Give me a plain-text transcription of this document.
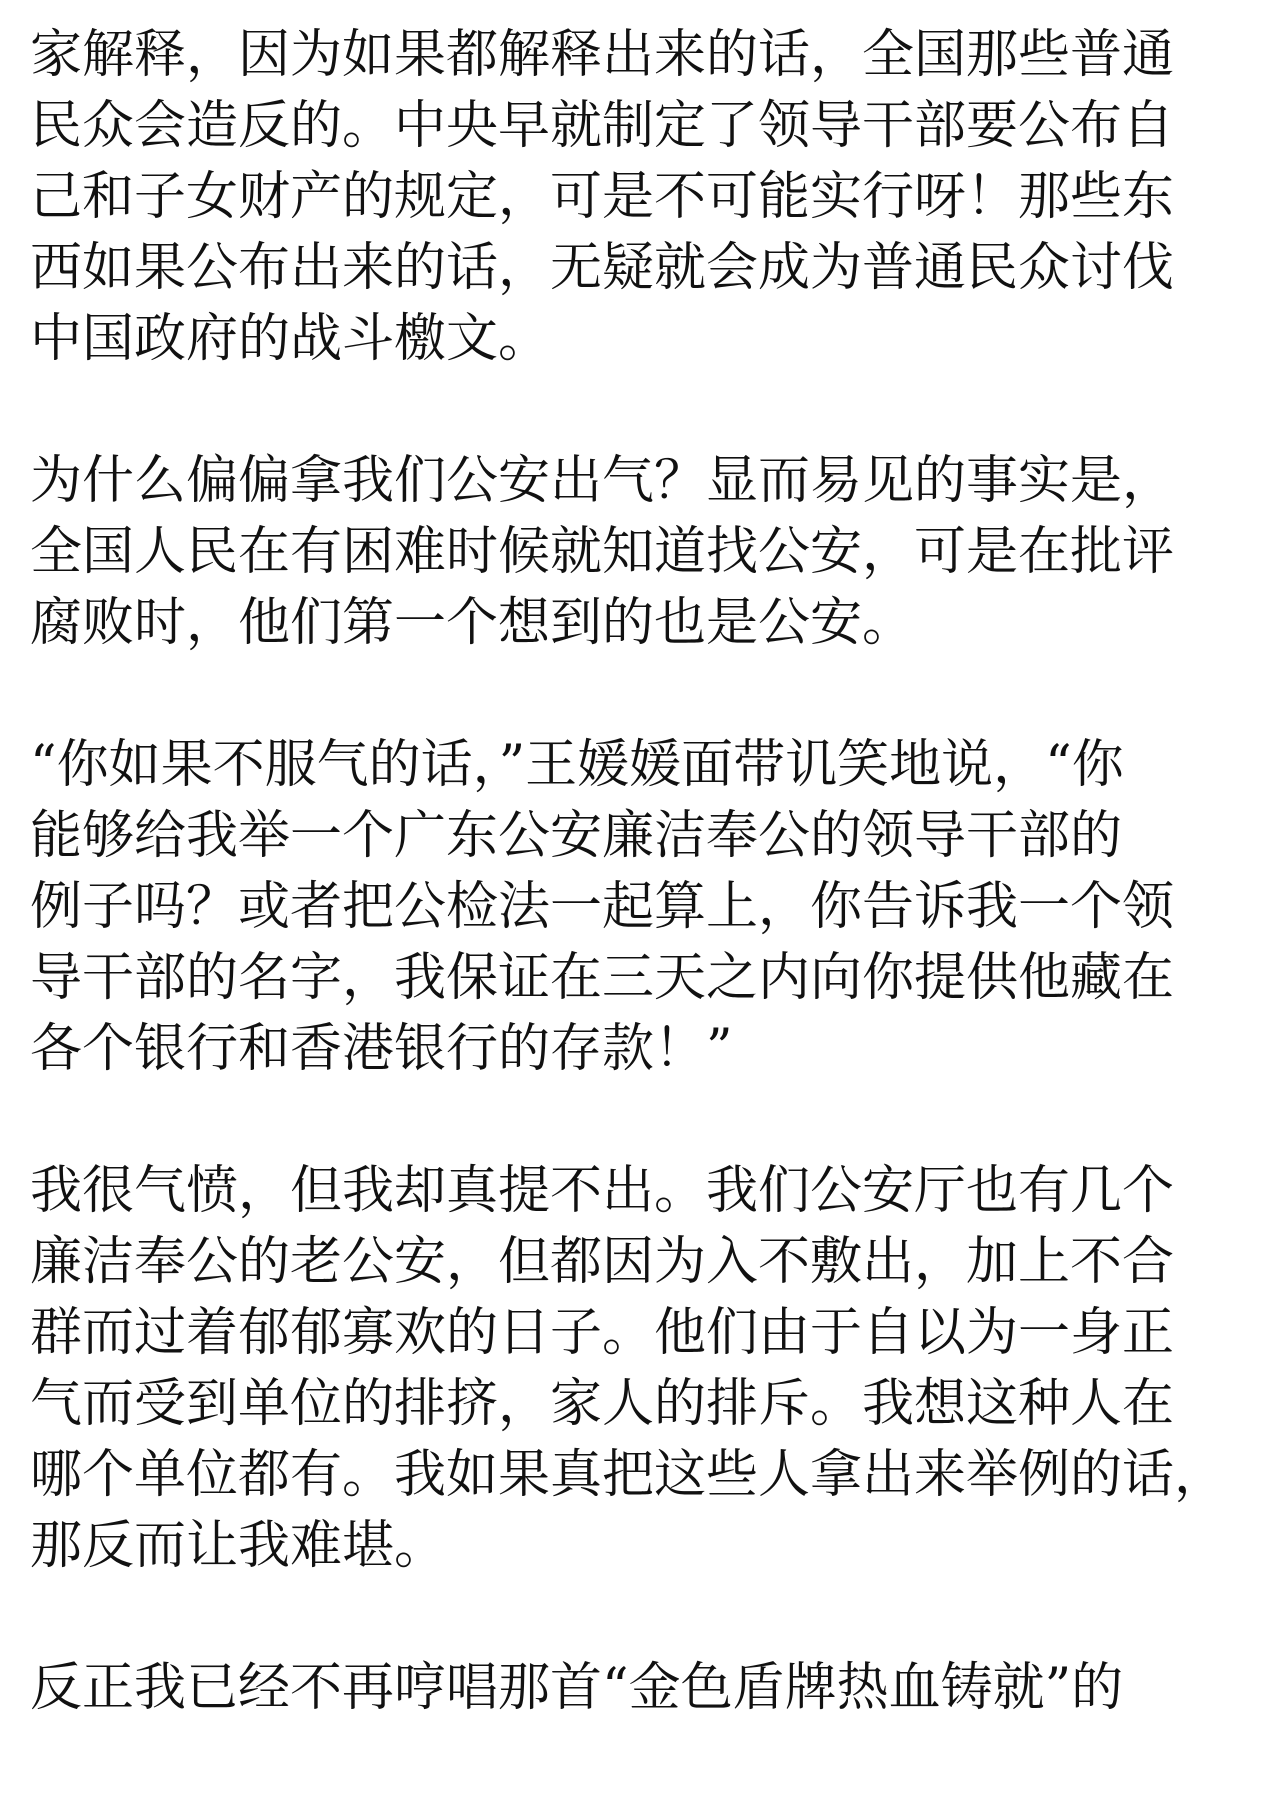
家解释，因为如果都解释出来的话，全国那些普通
民众会造反的。中央早就制定了领导干部要公布自
己和子女财产的规定，可是不可能实行呀！那些东
西如果公布出来的话，无疑就会成为普通民众讨伐
中国政府的战斗檄文。
为什么偏偏拿我们公安出气？显而易见的事实是，
全国人民在有困难时候就知道找公安，可是在批评
腐败时，他们第一个想到的也是公安。
“你如果不服气的话，”王媛媛面带讥笑地说，“你
能够给我举一个广东公安廉洁奉公的领导干部的
例子吗？或者把公检法一起算上，你告诉我一个领
导干部的名字，我保证在三天之内向你提供他藏在
各个银行和香港银行的存款！”
我很气愤，但我却真提不出。我们公安厅也有几个
廉洁奉公的老公安，但都因为入不敷出，加上不合
群而过着郁郁寡欢的日子。他们由于自以为一身正
气而受到单位的排挤，家人的排斥。我想这种人在
哪个单位都有。我如果真把这些人拿出来举例的话，
那反而让我难堪。
反正我已经不再哼唱那首“金色盾牌热血铸就”的
